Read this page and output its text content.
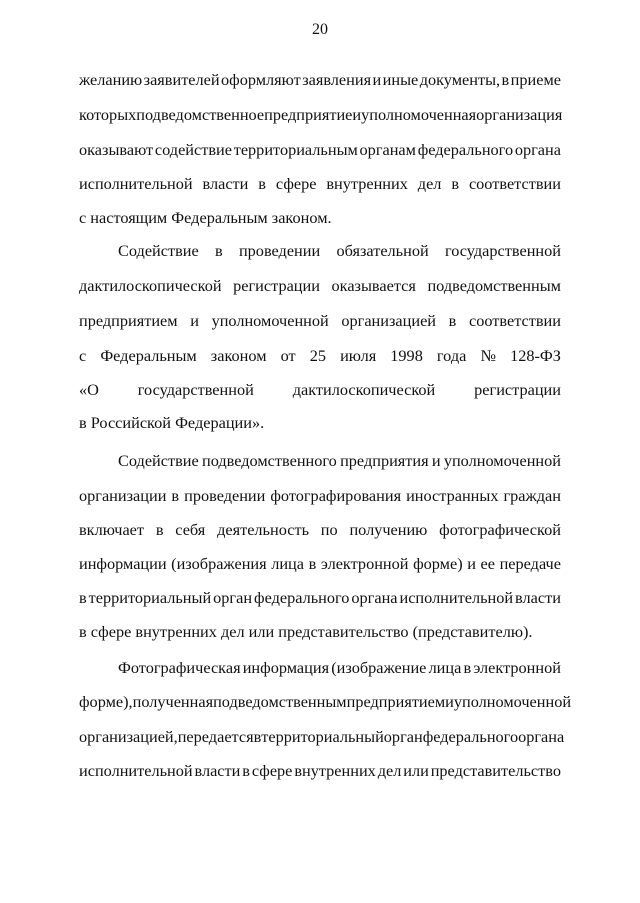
20
желанию заявителей оформляют заявления и иные документы, в приеме
которых подведомственное предприятие и уполномоченная организация
оказывают содействие территориальным органам федерального органа
исполнительной власти в сфере внутренних дел в соответствии
с настоящим Федеральным законом.
Содействие в проведении обязательной государственной
дактилоскопической регистрации оказывается подведомственным
предприятием и уполномоченной организацией в соответствии
с Федеральным законом от 25 июля 1998 года № 128-ФЗ
«О государственной дактилоскопической регистрации
в Российской Федерации».
Содействие подведомственного предприятия и уполномоченной
организации в проведении фотографирования иностранных граждан
включает в себя деятельность по получению фотографической
информации (изображения лица в электронной форме) и ее передаче
в территориальный орган федерального органа исполнительной власти
в сфере внутренних дел или представительство (представителю).
Фотографическая информация (изображение лица в электронной
форме), полученная подведомственным предприятием и уполномоченной
организацией, передается в территориальный орган федерального органа
исполнительной власти в сфере внутренних дел или представительство
